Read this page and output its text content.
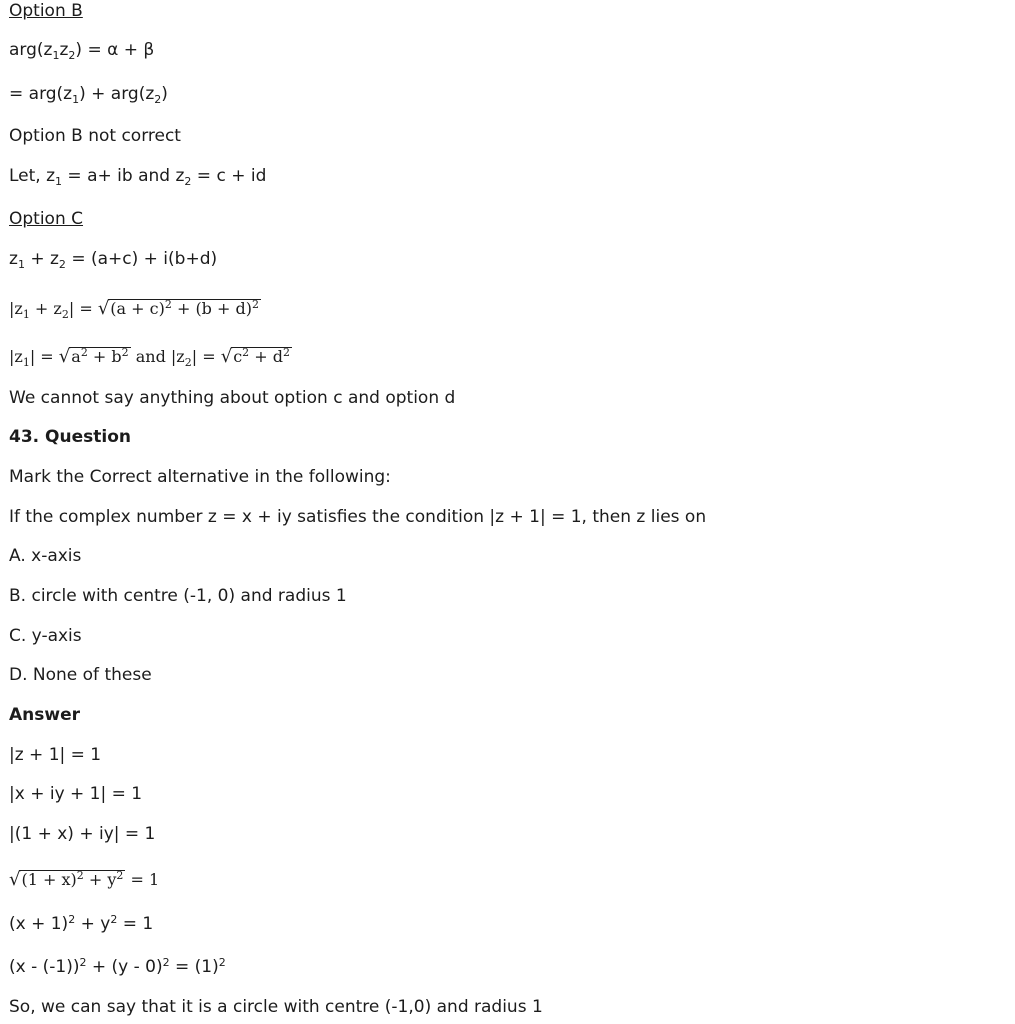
Option B
$arg(z_1z_2) = \alpha + \beta$
= $arg(z_1) + arg(z_2)$
Option B not correct
Let, $z_1 = a+$ ib and $z_2 = c$ + id
Option C
$z_1 + z_2 = (a+c) + i(b+d)$
$|z_1 + z_2| = √(a + c)^2 + (b + d)^2$
$|z_1| = √a^2 + b^2$ and $|z_2| = √c^2 + d^2$
We cannot say anything about option c and option d
43. Question
Mark the Correct alternative in the following:
If the complex number z = x + iy satisfies the condition |z + 1| = 1, then z lies on
A. x-axis
B. circle with centre (-1, 0) and radius 1
C. y-axis
D. None of these
Answer
|z + 1| = 1
|x + iy + 1| = 1
|(1 + x) + iy| = 1
$√(1 + x)^2 + y^2 = 1$
$(x + 1)^2 + y^2 = 1$
$(x - (-1))^2 + (y - 0)^2 = (1)^2$
So, we can say that it is a circle with centre (-1,0) and radius 1
